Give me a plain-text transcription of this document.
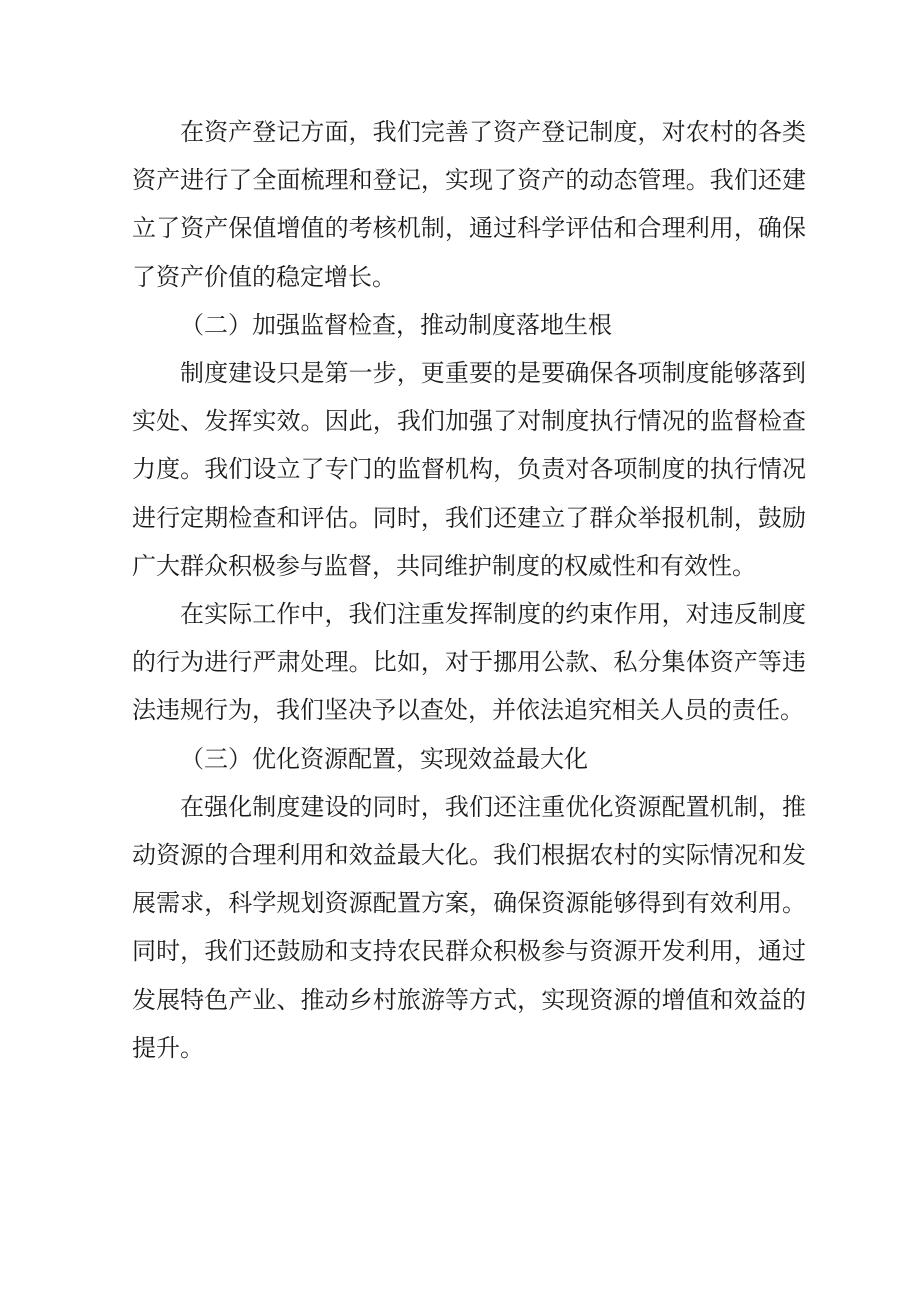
在资产登记方面，我们完善了资产登记制度，对农村的各类资产进行了全面梳理和登记，实现了资产的动态管理。我们还建立了资产保值增值的考核机制，通过科学评估和合理利用，确保了资产价值的稳定增长。

（二）加强监督检查，推动制度落地生根

制度建设只是第一步，更重要的是要确保各项制度能够落到实处、发挥实效。因此，我们加强了对制度执行情况的监督检查力度。我们设立了专门的监督机构，负责对各项制度的执行情况进行定期检查和评估。同时，我们还建立了群众举报机制，鼓励广大群众积极参与监督，共同维护制度的权威性和有效性。

在实际工作中，我们注重发挥制度的约束作用，对违反制度的行为进行严肃处理。比如，对于挪用公款、私分集体资产等违法违规行为，我们坚决予以查处，并依法追究相关人员的责任。

（三）优化资源配置，实现效益最大化

在强化制度建设的同时，我们还注重优化资源配置机制，推动资源的合理利用和效益最大化。我们根据农村的实际情况和发展需求，科学规划资源配置方案，确保资源能够得到有效利用。同时，我们还鼓励和支持农民群众积极参与资源开发利用，通过发展特色产业、推动乡村旅游等方式，实现资源的增值和效益的提升。
